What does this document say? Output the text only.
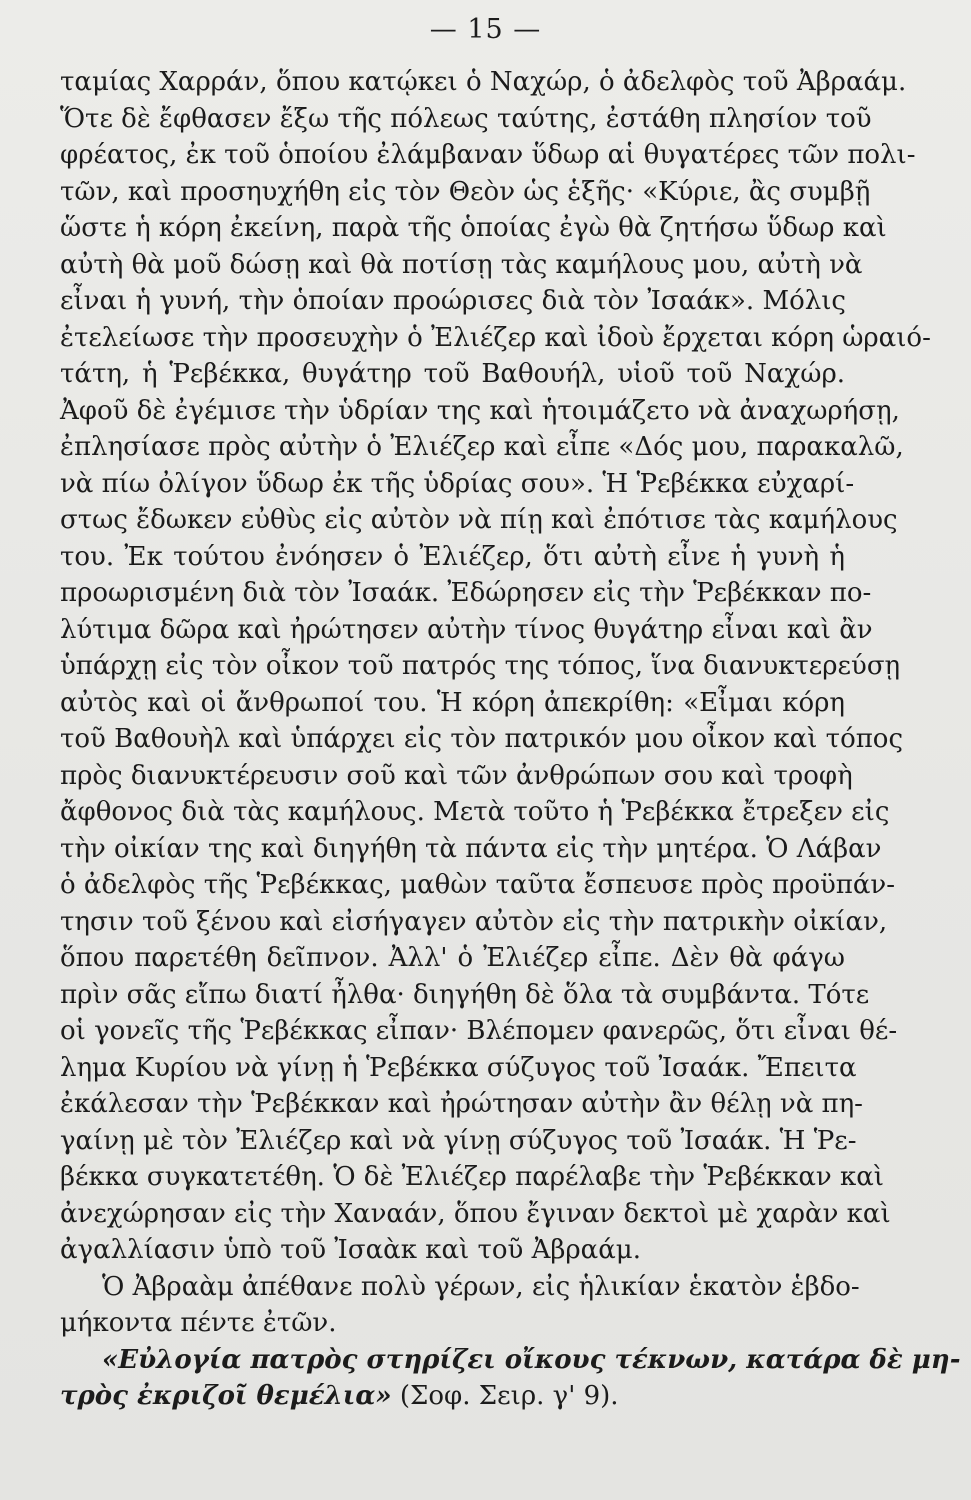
— 15 —
ταμίας Χαρράν, ὅπου κατῴκει ὁ Ναχώρ, ὁ ἀδελφὸς τοῦ Ἀβραάμ.
Ὅτε δὲ ἔφθασεν ἔξω τῆς πόλεως ταύτης, ἐστάθη πλησίον τοῦ
φρέατος, ἐκ τοῦ ὁποίου ἐλάμβαναν ὕδωρ αἱ θυγατέρες τῶν πολι-
τῶν, καὶ προσηυχήθη εἰς τὸν Θεὸν ὡς ἑξῆς· «Κύριε, ἂς συμβῇ
ὥστε ἡ κόρη ἐκείνη, παρὰ τῆς ὁποίας ἐγὼ θὰ ζητήσω ὕδωρ καὶ
αὐτὴ θὰ μοῦ δώσῃ καὶ θὰ ποτίσῃ τὰς καμήλους μου, αὐτὴ νὰ
εἶναι ἡ γυνή, τὴν ὁποίαν προώρισες διὰ τὸν Ἰσαάκ». Μόλις
ἐτελείωσε τὴν προσευχὴν ὁ Ἐλιέζερ καὶ ἰδοὺ ἔρχεται κόρη ὡραιό-
τάτη, ἡ Ῥεβέκκα, θυγάτηρ τοῦ Βαθουήλ, υἱοῦ τοῦ Ναχώρ.
Ἀφοῦ δὲ ἐγέμισε τὴν ὑδρίαν της καὶ ἡτοιμάζετο νὰ ἀναχωρήσῃ,
ἐπλησίασε πρὸς αὐτὴν ὁ Ἐλιέζερ καὶ εἶπε «Δός μου, παρακαλῶ,
νὰ πίω ὀλίγον ὕδωρ ἐκ τῆς ὑδρίας σου». Ἡ Ῥεβέκκα εὐχαρί-
στως ἔδωκεν εὐθὺς εἰς αὐτὸν νὰ πίῃ καὶ ἐπότισε τὰς καμήλους
του. Ἐκ τούτου ἐνόησεν ὁ Ἐλιέζερ, ὅτι αὐτὴ εἶνε ἡ γυνὴ ἡ
προωρισμένη διὰ τὸν Ἰσαάκ. Ἐδώρησεν εἰς τὴν Ῥεβέκκαν πο-
λύτιμα δῶρα καὶ ἠρώτησεν αὐτὴν τίνος θυγάτηρ εἶναι καὶ ἂν
ὑπάρχῃ εἰς τὸν οἶκον τοῦ πατρός της τόπος, ἵνα διανυκτερεύσῃ
αὐτὸς καὶ οἱ ἄνθρωποί του. Ἡ κόρη ἀπεκρίθη: «Εἶμαι κόρη
τοῦ Βαθουὴλ καὶ ὑπάρχει εἰς τὸν πατρικόν μου οἶκον καὶ τόπος
πρὸς διανυκτέρευσιν σοῦ καὶ τῶν ἀνθρώπων σου καὶ τροφὴ
ἄφθονος διὰ τὰς καμήλους. Μετὰ τοῦτο ἡ Ῥεβέκκα ἔτρεξεν εἰς
τὴν οἰκίαν της καὶ διηγήθη τὰ πάντα εἰς τὴν μητέρα. Ὁ Λάβαν
ὁ ἀδελφὸς τῆς Ῥεβέκκας, μαθὼν ταῦτα ἔσπευσε πρὸς προϋπάν-
τησιν τοῦ ξένου καὶ εἰσήγαγεν αὐτὸν εἰς τὴν πατρικὴν οἰκίαν,
ὅπου παρετέθη δεῖπνον. Ἀλλ' ὁ Ἐλιέζερ εἶπε. Δὲν θὰ φάγω
πρὶν σᾶς εἴπω διατί ἦλθα· διηγήθη δὲ ὅλα τὰ συμβάντα. Τότε
οἱ γονεῖς τῆς Ῥεβέκκας εἶπαν· Βλέπομεν φανερῶς, ὅτι εἶναι θέ-
λημα Κυρίου νὰ γίνῃ ἡ Ῥεβέκκα σύζυγος τοῦ Ἰσαάκ. Ἔπειτα
ἐκάλεσαν τὴν Ῥεβέκκαν καὶ ἠρώτησαν αὐτὴν ἂν θέλῃ νὰ πη-
γαίνῃ μὲ τὸν Ἐλιέζερ καὶ νὰ γίνῃ σύζυγος τοῦ Ἰσαάκ. Ἡ Ῥε-
βέκκα συγκατετέθη. Ὁ δὲ Ἐλιέζερ παρέλαβε τὴν Ῥεβέκκαν καὶ
ἀνεχώρησαν εἰς τὴν Χαναάν, ὅπου ἔγιναν δεκτοὶ μὲ χαρὰν καὶ
ἀγαλλίασιν ὑπὸ τοῦ Ἰσαὰκ καὶ τοῦ Ἀβραάμ.
Ὁ Ἀβραὰμ ἀπέθανε πολὺ γέρων, εἰς ἡλικίαν ἑκατὸν ἑβδο-
μήκοντα πέντε ἐτῶν.
«Εὐλογία πατρὸς στηρίζει οἴκους τέκνων, κατάρα δὲ μη-
τρὸς ἐκριζοῖ θεμέλια» (Σοφ. Σειρ. γ' 9).
